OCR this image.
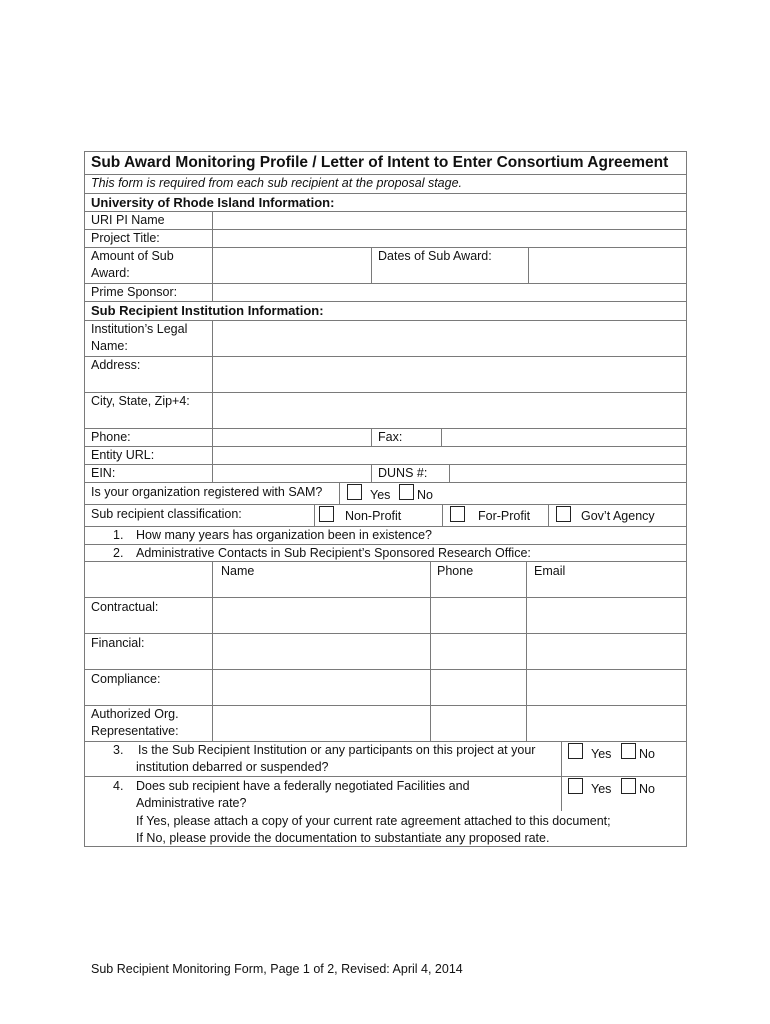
Sub Award Monitoring Profile / Letter of Intent to Enter Consortium Agreement
This form is required from each sub recipient at the proposal stage.
University of Rhode Island Information:
URI PI Name
Project Title:
Amount of Sub
Award:
Dates of Sub Award:
Prime Sponsor:
Sub Recipient Institution Information:
Institution’s Legal
Name:
Address:
City, State, Zip+4:
Phone:	Fax:
Entity URL:
EIN:	DUNS #:
Is your organization registered with SAM?	Yes No
Sub recipient classification:	Non-Profit	For-Profit	Gov’t Agency
1. How many years has organization been in existence?
2. Administrative Contacts in Sub Recipient’s Sponsored Research Office:
Name	Phone	Email
Contractual:
Financial:
Compliance:
Authorized Org.
Representative:
3. Is the Sub Recipient Institution or any participants on this project at your
institution debarred or suspended?
Yes No
4. Does sub recipient have a federally negotiated Facilities and
Administrative rate?
Yes No
If Yes, please attach a copy of your current rate agreement attached to this document;
If No, please provide the documentation to substantiate any proposed rate.
Sub Recipient Monitoring Form, Page 1 of 2, Revised: April 4, 2014
